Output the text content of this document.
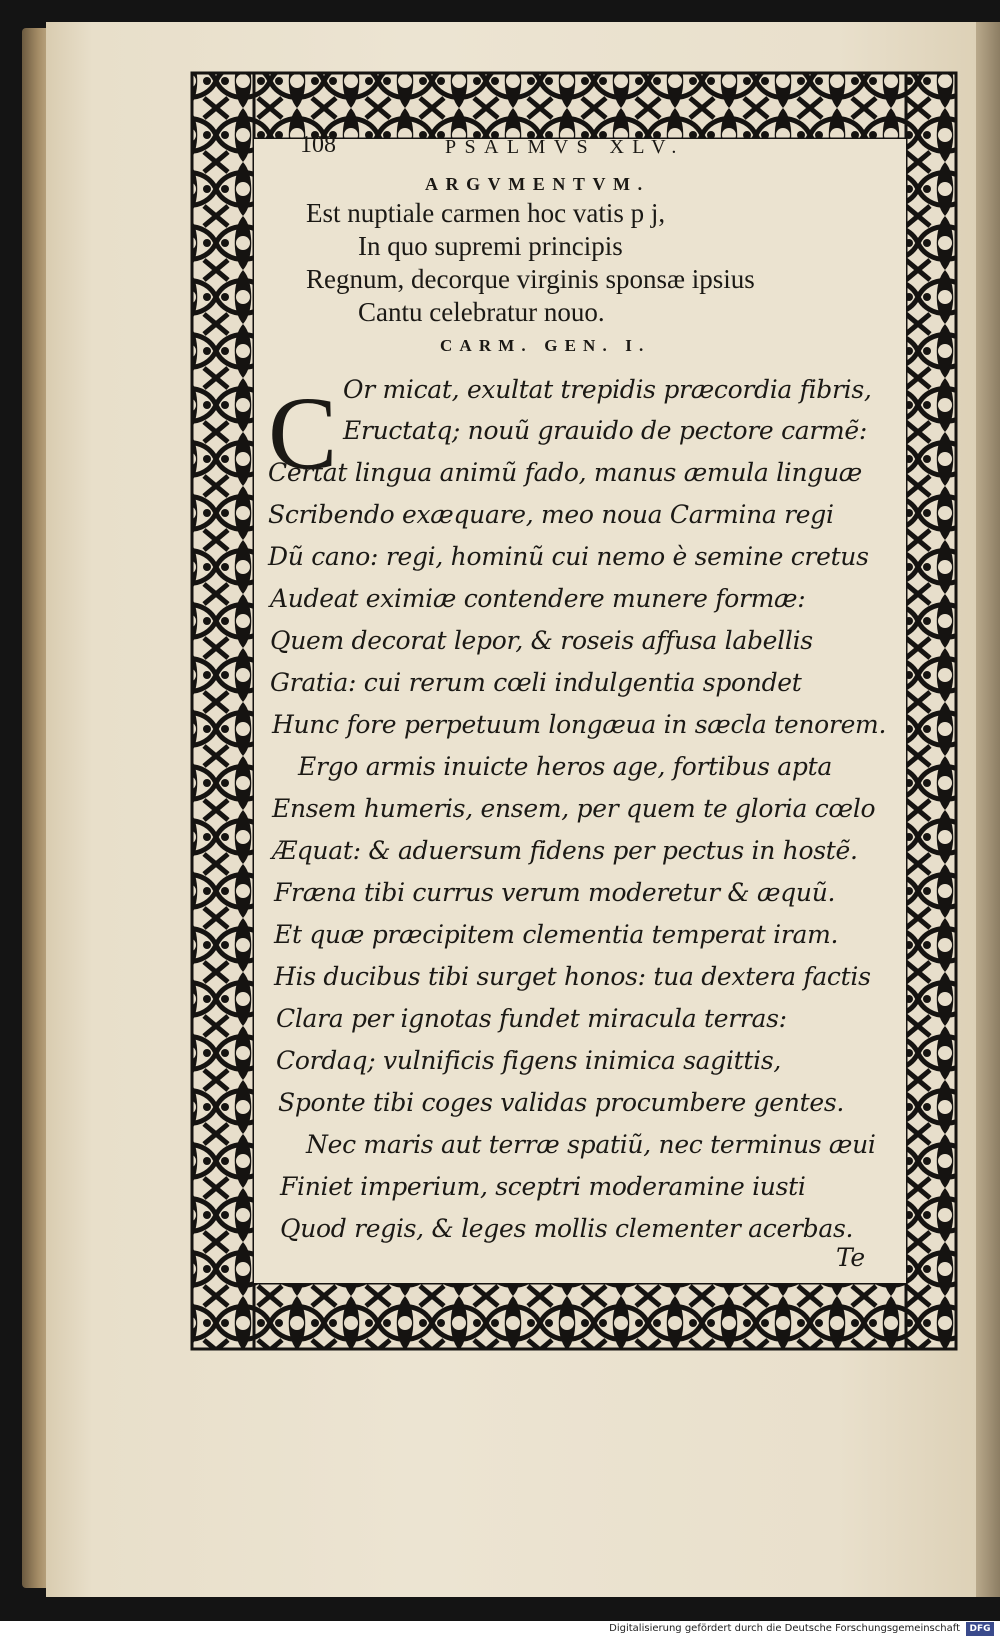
108	PSALMVS XLV.
ARGVMENTVM.
Est nuptiale carmen hoc vatis p j,
In quo supremi principis
Regnum, decorque virginis sponsæ ipsius
Cantu celebratur nouo.
CARM. GEN. I.
C Or micat, exultat trepidis præcordia fibris,
Eructatq; nouũ grauido de pectore carmẽ:
Certat lingua animũ fado, manus æmula linguæ
Scribendo exæquare, meo noua Carmina regi
Dũ cano: regi, hominũ cui nemo è semine cretus
Audeat eximiæ contendere munere formæ:
Quem decorat lepor, & roseis affusa labellis
Gratia: cui rerum cœli indulgentia spondet
Hunc fore perpetuum longæua in sæcla tenorem.
Ergo armis inuicte heros age, fortibus apta
Ensem humeris, ensem, per quem te gloria cœlo
Æquat: & aduersum fidens per pectus in hostẽ.
Fræna tibi currus verum moderetur & æquũ.
Et quæ præcipitem clementia temperat iram.
His ducibus tibi surget honos: tua dextera factis
Clara per ignotas fundet miracula terras:
Cordaq; vulnificis figens inimica sagittis,
Sponte tibi coges validas procumbere gentes.
Nec maris aut terræ spatiũ, nec terminus æui
Finiet imperium, sceptri moderamine iusti
Quod regis, & leges mollis clementer acerbas.
Te
Digitalisierung gefördert durch die Deutsche Forschungsgemeinschaft	DFG
